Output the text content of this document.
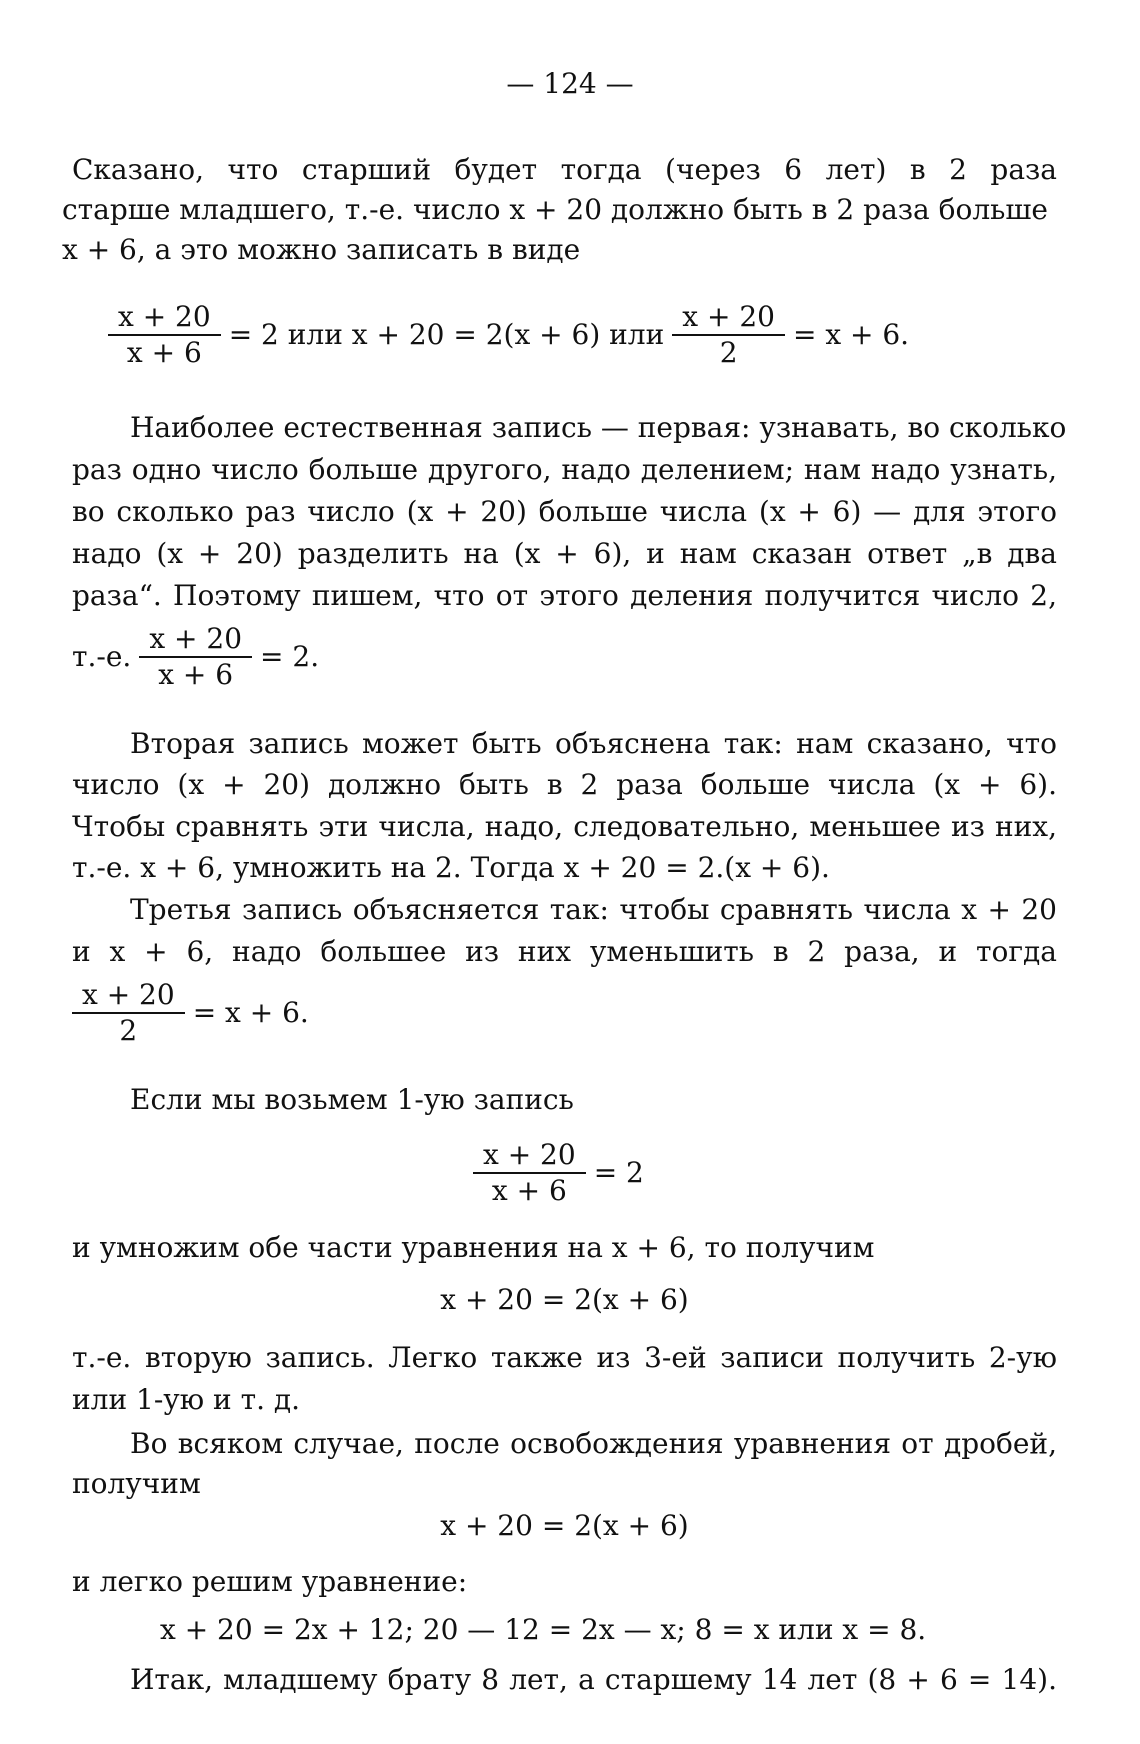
— 124 —
Сказано, что старший будет тогда (через 6 лет) в 2 раза
старше младшего, т.-е. число x + 20 должно быть в 2 раза больше
x + 6, а это можно записать в виде
$\frac{x + 20}{x + 6} = 2$ или x + 20 = 2(x + 6) или $\frac{x + 20}{2} = x + 6$.
Наиболее естественная запись — первая: узнавать, во сколько
раз одно число больше другого, надо делением; нам надо узнать,
во сколько раз число (x + 20) больше числа (x + 6) — для этого
надо (x + 20) разделить на (x + 6), и нам сказан ответ „в два
раза“. Поэтому пишем, что от этого деления получится число 2,
т.-е. $\frac{x + 20}{x + 6} = 2$.
Вторая запись может быть объяснена так: нам сказано, что
число (x + 20) должно быть в 2 раза больше числа (x + 6).
Чтобы сравнять эти числа, надо, следовательно, меньшее из них,
т.-е. x + 6, умножить на 2. Тогда x + 20 = 2.(x + 6).
Третья запись объясняется так: чтобы сравнять числа x + 20
и x + 6, надо большее из них уменьшить в 2 раза, и тогда
$\frac{x + 20}{2} = x + 6$.
Если мы возьмем 1-ую запись
$\frac{x + 20}{x + 6} = 2$
и умножим обе части уравнения на x + 6, то получим
x + 20 = 2(x + 6)
т.-е. вторую запись. Легко также из 3-ей записи получить 2-ую
или 1-ую и т. д.
Во всяком случае, после освобождения уравнения от дробей,
получим
x + 20 = 2(x + 6)
и легко решим уравнение:
x + 20 = 2x + 12; 20 — 12 = 2x — x; 8 = x или x = 8.
Итак, младшему брату 8 лет, а старшему 14 лет (8 + 6 = 14).
